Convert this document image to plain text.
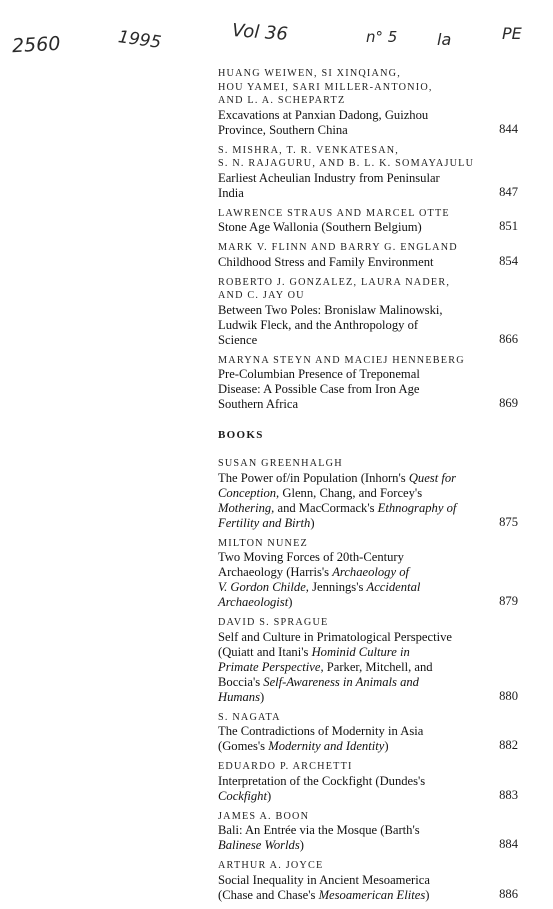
2560	1995	Vol 36	n° 5 la	PE
HUANG WEIWEN, SI XINQIANG,
HOU YAMEI, SARI MILLER-ANTONIO,
AND L. A. SCHEPARTZ
Excavations at Panxian Dadong, Guizhou
Province, Southern China	844
S. MISHRA, T. R. VENKATESAN,
S. N. RAJAGURU, AND B. L. K. SOMAYAJULU
Earliest Acheulian Industry from Peninsular
India	847
LAWRENCE STRAUS AND MARCEL OTTE
Stone Age Wallonia (Southern Belgium)	851
MARK V. FLINN AND BARRY G. ENGLAND
Childhood Stress and Family Environment	854
ROBERTO J. GONZALEZ, LAURA NADER,
AND C. JAY OU
Between Two Poles: Bronislaw Malinowski,
Ludwik Fleck, and the Anthropology of
Science	866
MARYNA STEYN AND MACIEJ HENNEBERG
Pre-Columbian Presence of Treponemal
Disease: A Possible Case from Iron Age
Southern Africa	869
BOOKS
SUSAN GREENHALGH
The Power of/in Population (Inhorn's Quest for
Conception, Glenn, Chang, and Forcey's
Mothering, and MacCormack's Ethnography of
Fertility and Birth)	875
MILTON NUNEZ
Two Moving Forces of 20th-Century
Archaeology (Harris's Archaeology of
V. Gordon Childe, Jennings's Accidental
Archaeologist)	879
DAVID S. SPRAGUE
Self and Culture in Primatological Perspective
(Quiatt and Itani's Hominid Culture in
Primate Perspective, Parker, Mitchell, and
Boccia's Self-Awareness in Animals and
Humans)	880
S. NAGATA
The Contradictions of Modernity in Asia
(Gomes's Modernity and Identity)	882
EDUARDO P. ARCHETTI
Interpretation of the Cockfight (Dundes's
Cockfight)	883
JAMES A. BOON
Bali: An Entrée via the Mosque (Barth's
Balinese Worlds)	884
ARTHUR A. JOYCE
Social Inequality in Ancient Mesoamerica
(Chase and Chase's Mesoamerican Elites)	886
